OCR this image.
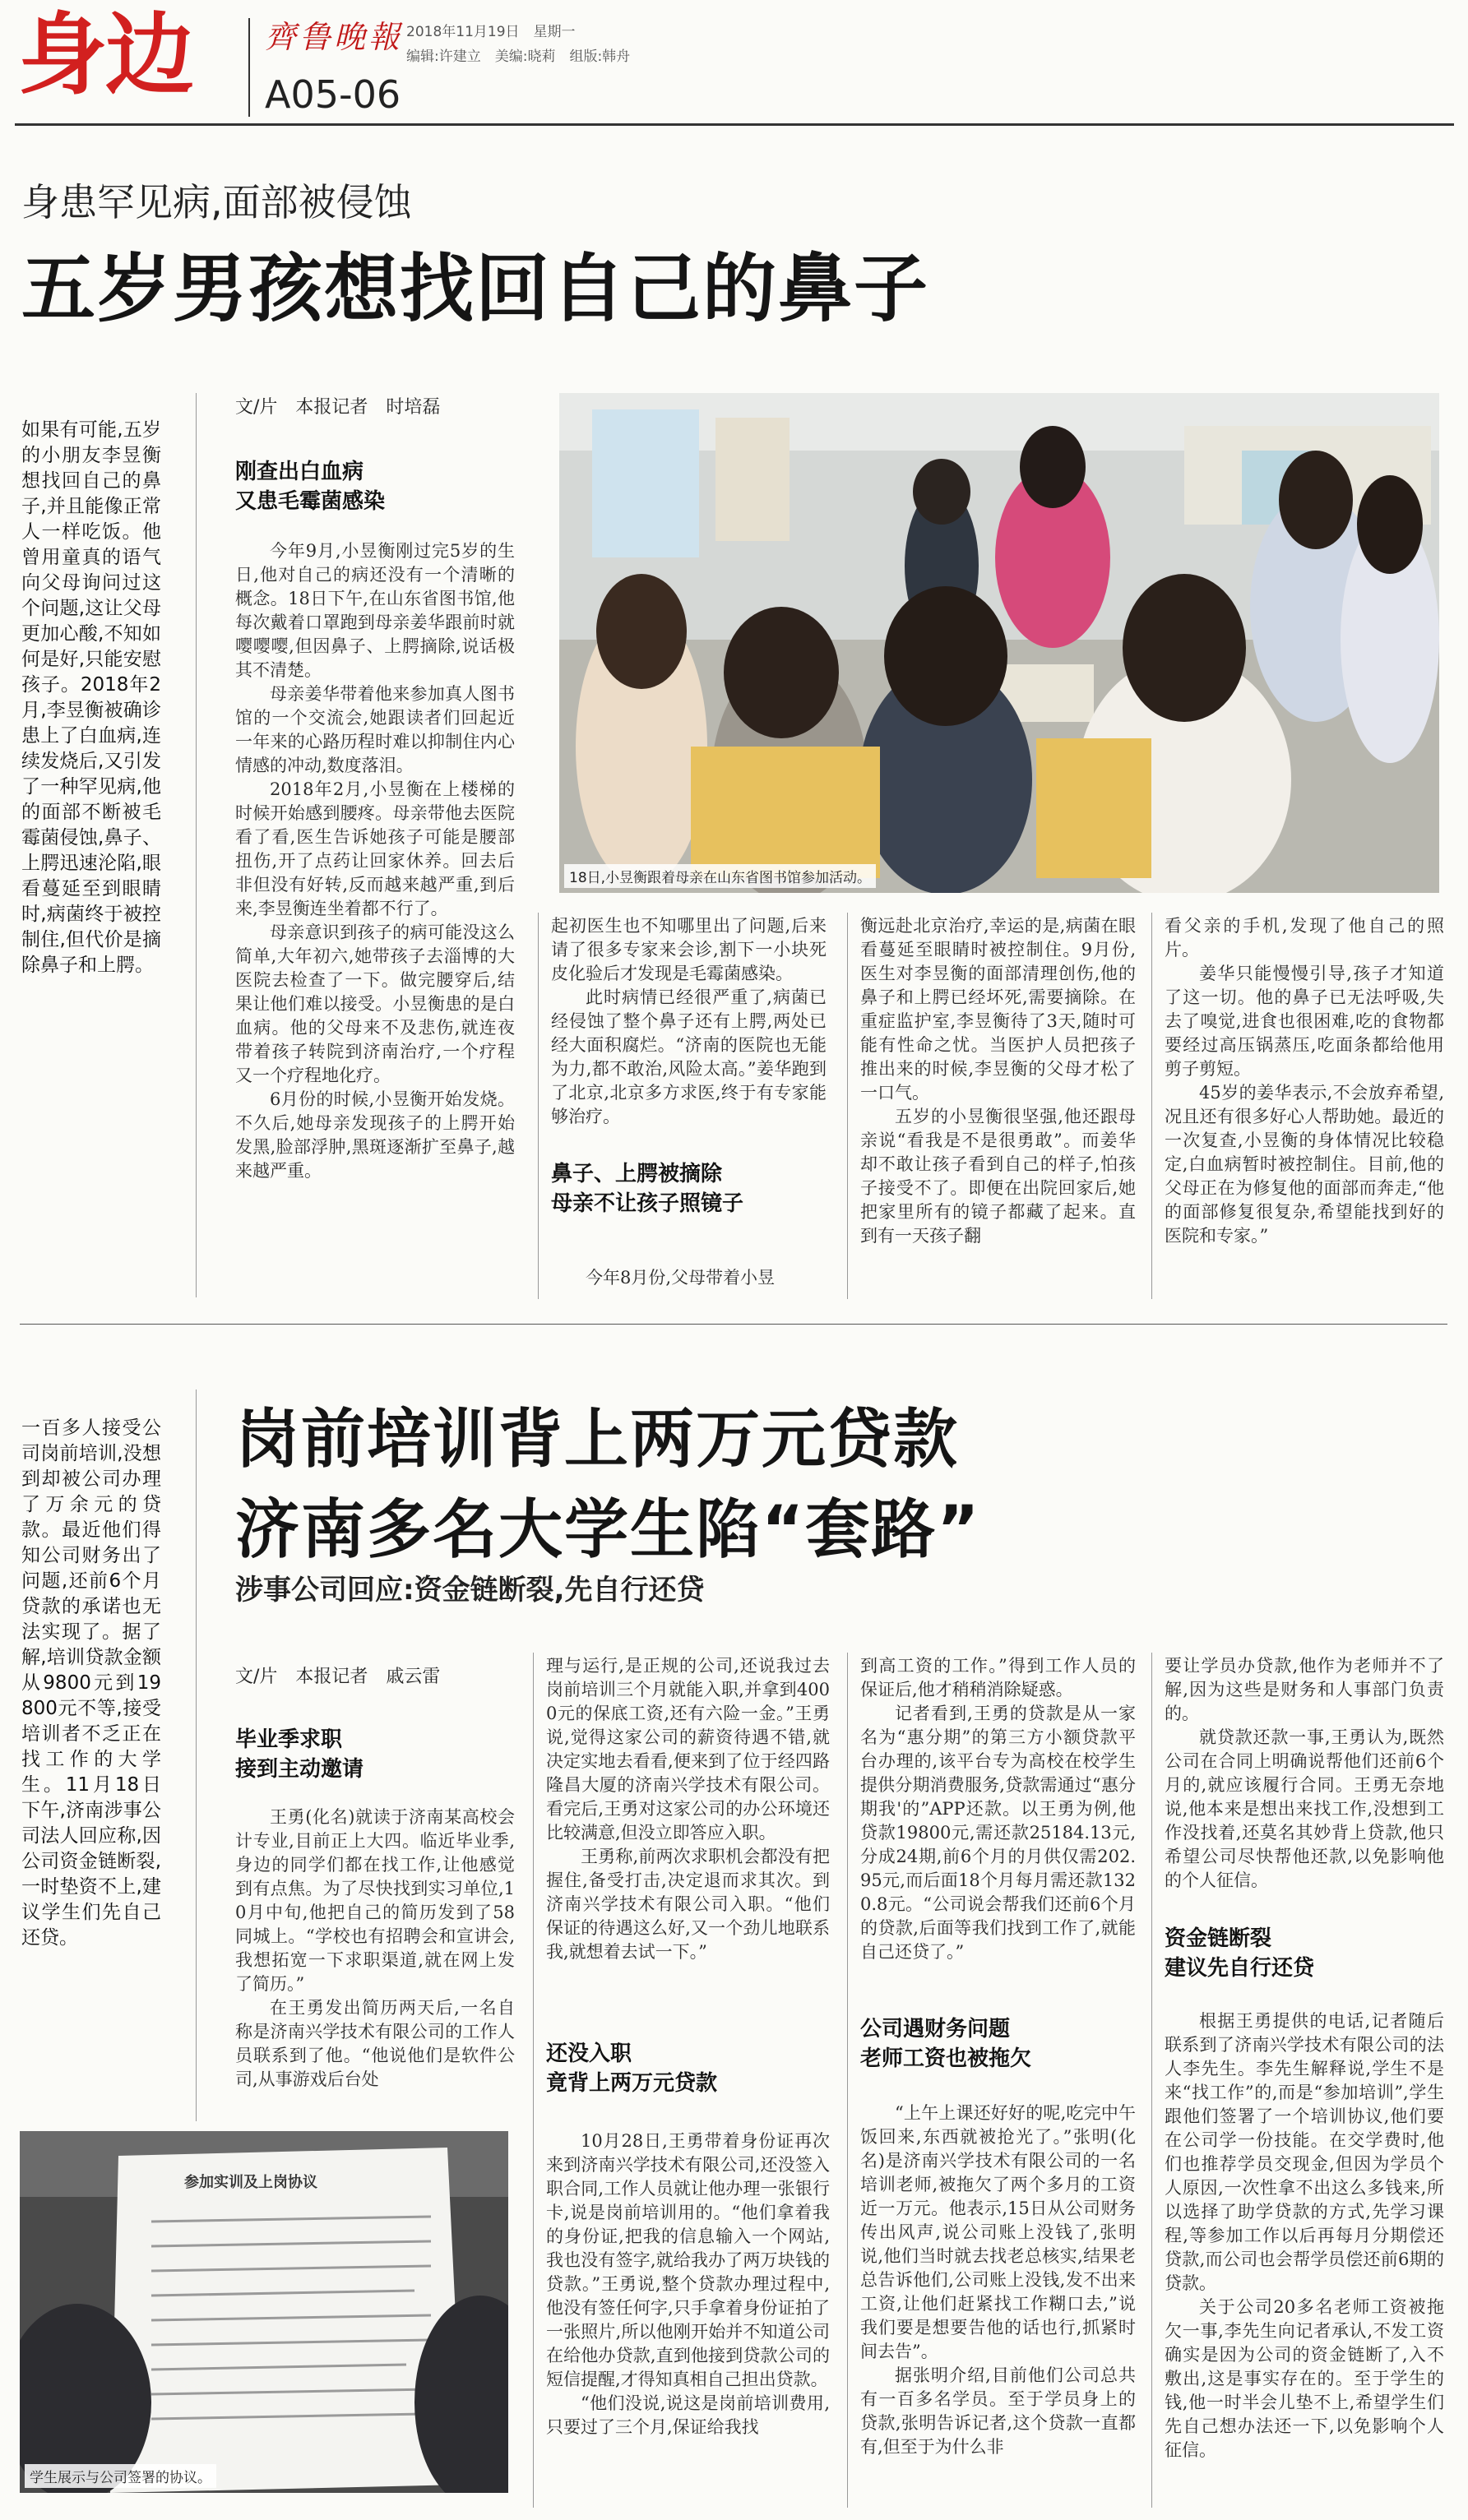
身边 齊鲁晚報
A05-06
2018年11月19日　星期一
编辑:许建立　美编:晓莉　组版:韩舟
身患罕见病,面部被侵蚀
五岁男孩想找回自己的鼻子
如果有可能,五岁的小朋友李昱衡想找回自己的鼻子,并且能像正常人一样吃饭。他曾用童真的语气向父母询问过这个问题,这让父母更加心酸,不知如何是好,只能安慰孩子。2018年2月,李昱衡被确诊患上了白血病,连续发烧后,又引发了一种罕见病,他的面部不断被毛霉菌侵蚀,鼻子、上腭迅速沦陷,眼看蔓延至到眼睛时,病菌终于被控制住,但代价是摘除鼻子和上腭。
文/片　本报记者　时培磊
刚查出白血病
又患毛霉菌感染

今年9月,小昱衡刚过完5岁的生日,他对自己的病还没有一个清晰的概念。18日下午,在山东省图书馆,他每次戴着口罩跑到母亲姜华跟前时就嘤嘤嘤,但因鼻子、上腭摘除,说话极其不清楚。

母亲姜华带着他来参加真人图书馆的一个交流会,她跟读者们回起近一年来的心路历程时难以抑制住内心情感的冲动,数度落泪。

2018年2月,小昱衡在上楼梯的时候开始感到腰疼。母亲带他去医院看了看,医生告诉她孩子可能是腰部扭伤,开了点药让回家休养。回去后非但没有好转,反而越来越严重,到后来,李昱衡连坐着都不行了。

母亲意识到孩子的病可能没这么简单,大年初六,她带孩子去淄博的大医院去检查了一下。做完腰穿后,结果让他们难以接受。小昱衡患的是白血病。他的父母来不及悲伤,就连夜带着孩子转院到济南治疗,一个疗程又一个疗程地化疗。

6月份的时候,小昱衡开始发烧。不久后,她母亲发现孩子的上腭开始发黑,脸部浮肿,黑斑逐渐扩至鼻子,越来越严重。

18日,小昱衡跟着母亲在山东省图书馆参加活动。

起初医生也不知哪里出了问题,后来请了很多专家来会诊,割下一小块死皮化验后才发现是毛霉菌感染。

此时病情已经很严重了,病菌已经侵蚀了整个鼻子还有上腭,两处已经大面积腐烂。“济南的医院也无能为力,都不敢治,风险太高。”姜华跑到了北京,北京多方求医,终于有专家能够治疗。

鼻子、上腭被摘除
母亲不让孩子照镜子

今年8月份,父母带着小昱

衡远赴北京治疗,幸运的是,病菌在眼看蔓延至眼睛时被控制住。9月份,医生对李昱衡的面部清理创伤,他的鼻子和上腭已经坏死,需要摘除。在重症监护室,李昱衡待了3天,随时可能有性命之忧。当医护人员把孩子推出来的时候,李昱衡的父母才松了一口气。

五岁的小昱衡很坚强,他还跟母亲说“看我是不是很勇敢”。而姜华却不敢让孩子看到自己的样子,怕孩子接受不了。即便在出院回家后,她把家里所有的镜子都藏了起来。直到有一天孩子翻

看父亲的手机,发现了他自己的照片。

姜华只能慢慢引导,孩子才知道了这一切。他的鼻子已无法呼吸,失去了嗅觉,进食也很困难,吃的食物都要经过高压锅蒸压,吃面条都给他用剪子剪短。

45岁的姜华表示,不会放弃希望,况且还有很多好心人帮助她。最近的一次复查,小昱衡的身体情况比较稳定,白血病暂时被控制住。目前,他的父母正在为修复他的面部而奔走,“他的面部修复很复杂,希望能找到好的医院和专家。”

一百多人接受公司岗前培训,没想到却被公司办理了万余元的贷款。最近他们得知公司财务出了问题,还前6个月贷款的承诺也无法实现了。据了解,培训贷款金额从9800元到19800元不等,接受培训者不乏正在找工作的大学生。11月18日下午,济南涉事公司法人回应称,因公司资金链断裂,一时垫资不上,建议学生们先自己还贷。
岗前培训背上两万元贷款
济南多名大学生陷“套路”
涉事公司回应:资金链断裂,先自行还贷
文/片　本报记者　戚云雷
毕业季求职
接到主动邀请

王勇(化名)就读于济南某高校会计专业,目前正上大四。临近毕业季,身边的同学们都在找工作,让他感觉到有点焦。为了尽快找到实习单位,10月中旬,他把自己的简历发到了58同城上。“学校也有招聘会和宣讲会,我想拓宽一下求职渠道,就在网上发了简历。”

在王勇发出简历两天后,一名自称是济南兴学技术有限公司的工作人员联系到了他。“他说他们是软件公司,从事游戏后台处

理与运行,是正规的公司,还说我过去岗前培训三个月就能入职,并拿到4000元的保底工资,还有六险一金。”王勇说,觉得这家公司的薪资待遇不错,就决定实地去看看,便来到了位于经四路隆昌大厦的济南兴学技术有限公司。看完后,王勇对这家公司的办公环境还比较满意,但没立即答应入职。

王勇称,前两次求职机会都没有把握住,备受打击,决定退而求其次。到济南兴学技术有限公司入职。“他们保证的待遇这么好,又一个劲儿地联系我,就想着去试一下。”

还没入职
竟背上两万元贷款

10月28日,王勇带着身份证再次来到济南兴学技术有限公司,还没签入职合同,工作人员就让他办理一张银行卡,说是岗前培训用的。“他们拿着我的身份证,把我的信息输入一个网站,我也没有签字,就给我办了两万块钱的贷款。”王勇说,整个贷款办理过程中,他没有签任何字,只手拿着身份证拍了一张照片,所以他刚开始并不知道公司在给他办贷款,直到他接到贷款公司的短信提醒,才得知真相自己担出贷款。

“他们没说,说这是岗前培训费用,只要过了三个月,保证给我找

到高工资的工作。”得到工作人员的保证后,他才稍稍消除疑惑。

记者看到,王勇的贷款是从一家名为“惠分期”的第三方小额贷款平台办理的,该平台专为高校在校学生提供分期消费服务,贷款需通过“惠分期我'的”APP还款。以王勇为例,他贷款19800元,需还款25184.13元,分成24期,前6个月的月供仅需202.95元,而后面18个月每月需还款1320.8元。“公司说会帮我们还前6个月的贷款,后面等我们找到工作了,就能自己还贷了。”

公司遇财务问题
老师工资也被拖欠

“上午上课还好好的呢,吃完中午饭回来,东西就被抢光了。”张明(化名)是济南兴学技术有限公司的一名培训老师,被拖欠了两个多月的工资近一万元。他表示,15日从公司财务传出风声,说公司账上没钱了,张明说,他们当时就去找老总核实,结果老总告诉他们,公司账上没钱,发不出来工资,让他们赶紧找工作糊口去,”说我们要是想要告他的话也行,抓紧时间去告”。

据张明介绍,目前他们公司总共有一百多名学员。至于学员身上的贷款,张明告诉记者,这个贷款一直都有,但至于为什么非

要让学员办贷款,他作为老师并不了解,因为这些是财务和人事部门负责的。

就贷款还款一事,王勇认为,既然公司在合同上明确说帮他们还前6个月的,就应该履行合同。王勇无奈地说,他本来是想出来找工作,没想到工作没找着,还莫名其妙背上贷款,他只希望公司尽快帮他还款,以免影响他的个人征信。

资金链断裂
建议先自行还贷

根据王勇提供的电话,记者随后联系到了济南兴学技术有限公司的法人李先生。李先生解释说,学生不是来“找工作”的,而是“参加培训”,学生跟他们签署了一个培训协议,他们要在公司学一份技能。在交学费时,他们也推荐学员交现金,但因为学员个人原因,一次性拿不出这么多钱来,所以选择了助学贷款的方式,先学习课程,等参加工作以后再每月分期偿还贷款,而公司也会帮学员偿还前6期的贷款。

关于公司20多名老师工资被拖欠一事,李先生向记者承认,不发工资确实是因为公司的资金链断了,入不敷出,这是事实存在的。至于学生的钱,他一时半会儿垫不上,希望学生们先自己想办法还一下,以免影响个人征信。

参加实训及上岗协议
学生展示与公司签署的协议。
